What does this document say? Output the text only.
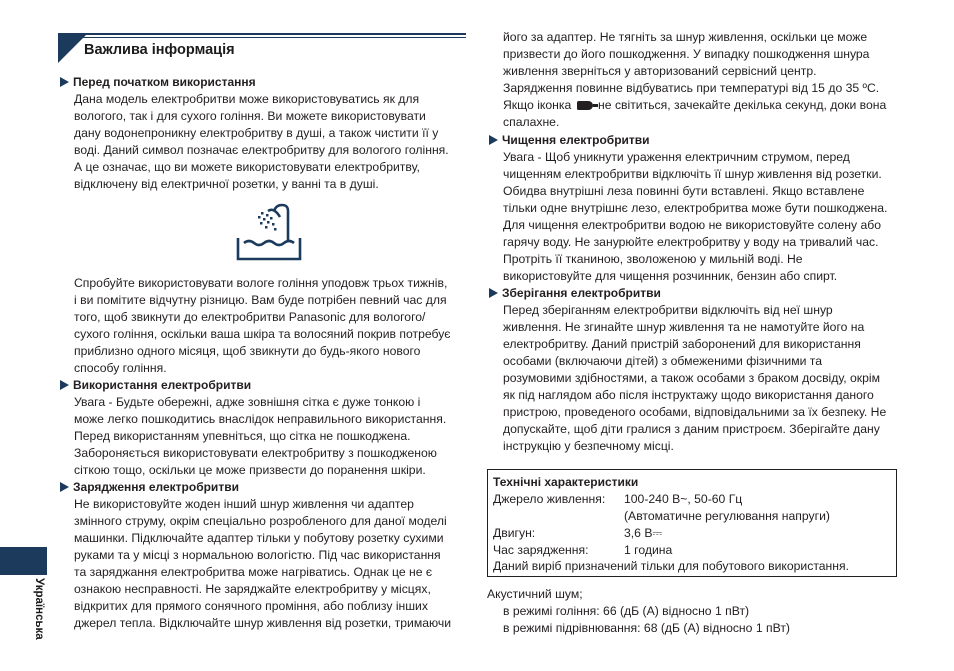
Важлива інформація
Українська
Перед початком використання
Дана модель електробритви може використовуватись як для
вологого, так і для сухого гоління. Ви можете використовувати
дану водонепроникну електробритву в душі, а також чистити її у
воді. Даний символ позначає електробритву для вологого гоління.
А це означає, що ви можете використовувати електробритву,
відключену від електричної розетки, у ванні та в душі.
Спробуйте використовувати вологе гоління уподовж трьох тижнів,
і ви помітите відчутну різницю. Вам буде потрібен певний час для
того, щоб звикнути до електробритви Panasonic для вологого/
сухого гоління, оскільки ваша шкіра та волосяний покрив потребує
приблизно одного місяця, щоб звикнути до будь-якого нового
способу гоління.
Використання електробритви
Увага - Будьте обережні, адже зовнішня сітка є дуже тонкою і
може легко пошкодитись внаслідок неправильного використання.
Перед використанням упевніться, що сітка не пошкоджена.
Забороняється використовувати електробритву з пошкодженою
сіткою тощо, оскільки це може призвести до поранення шкіри.
Зарядження електробритви
Не використовуйте жоден інший шнур живлення чи адаптер
змінного струму, окрім спеціально розробленого для даної моделі
машинки. Підключайте адаптер тільки у побутову розетку сухими
руками та у місці з нормальною вологістю. Під час використання
та заряджання електробритва може нагріватись. Однак це не є
ознакою несправності. Не заряджайте електробритву у місцях,
відкритих для прямого сонячного проміння, або поблизу інших
джерел тепла. Відключайте шнур живлення від розетки, тримаючи
його за адаптер. Не тягніть за шнур живлення, оскільки це може
призвести до його пошкодження. У випадку пошкодження шнура
живлення зверніться у авторизований сервісний центр.
Зарядження повинне відбуватись при температурі від 15 до 35 ºC.
Якщо іконка не світиться, зачекайте декілька секунд, доки вона
спалахне.
Чищення електробритви
Увага - Щоб уникнути ураження електричним струмом, перед
чищенням електробритви відключіть її шнур живлення від розетки.
Обидва внутрішні леза повинні бути вставлені. Якщо вставлене
тільки одне внутрішнє лезо, електробритва може бути пошкоджена.
Для чищення електробритви водою не використовуйте солену або
гарячу воду. Не занурюйте електробритву у воду на тривалий час.
Протріть її тканиною, зволоженою у мильній воді. Не
використовуйте для чищення розчинник, бензин або спирт.
Зберігання електробритви
Перед зберіганням електробритви відключіть від неї шнур
живлення. Не згинайте шнур живлення та не намотуйте його на
електробритву. Даний пристрій заборонений для використання
особами (включаючи дітей) з обмеженими фізичними та
розумовими здібностями, а також особами з браком досвіду, окрім
як під наглядом або після інструктажу щодо використання даного
пристрою, проведеного особами, відповідальними за їх безпеку. Не
допускайте, щоб діти гралися з даним пристроєм. Зберігайте дану
інструкцію у безпечному місці.
Технічні характеристики
Джерело живлення: 100-240 В~, 50-60 Гц
(Автоматичне регулювання напруги)
Двигун:	3,6 В⎓
Час зарядження:	1 година
Даний виріб призначений тільки для побутового використання.
Акустичний шум;
в режимі гоління: 66 (дБ (А) відносно 1 пВт)
в режимі підрівнювання: 68 (дБ (А) відносно 1 пВт)
